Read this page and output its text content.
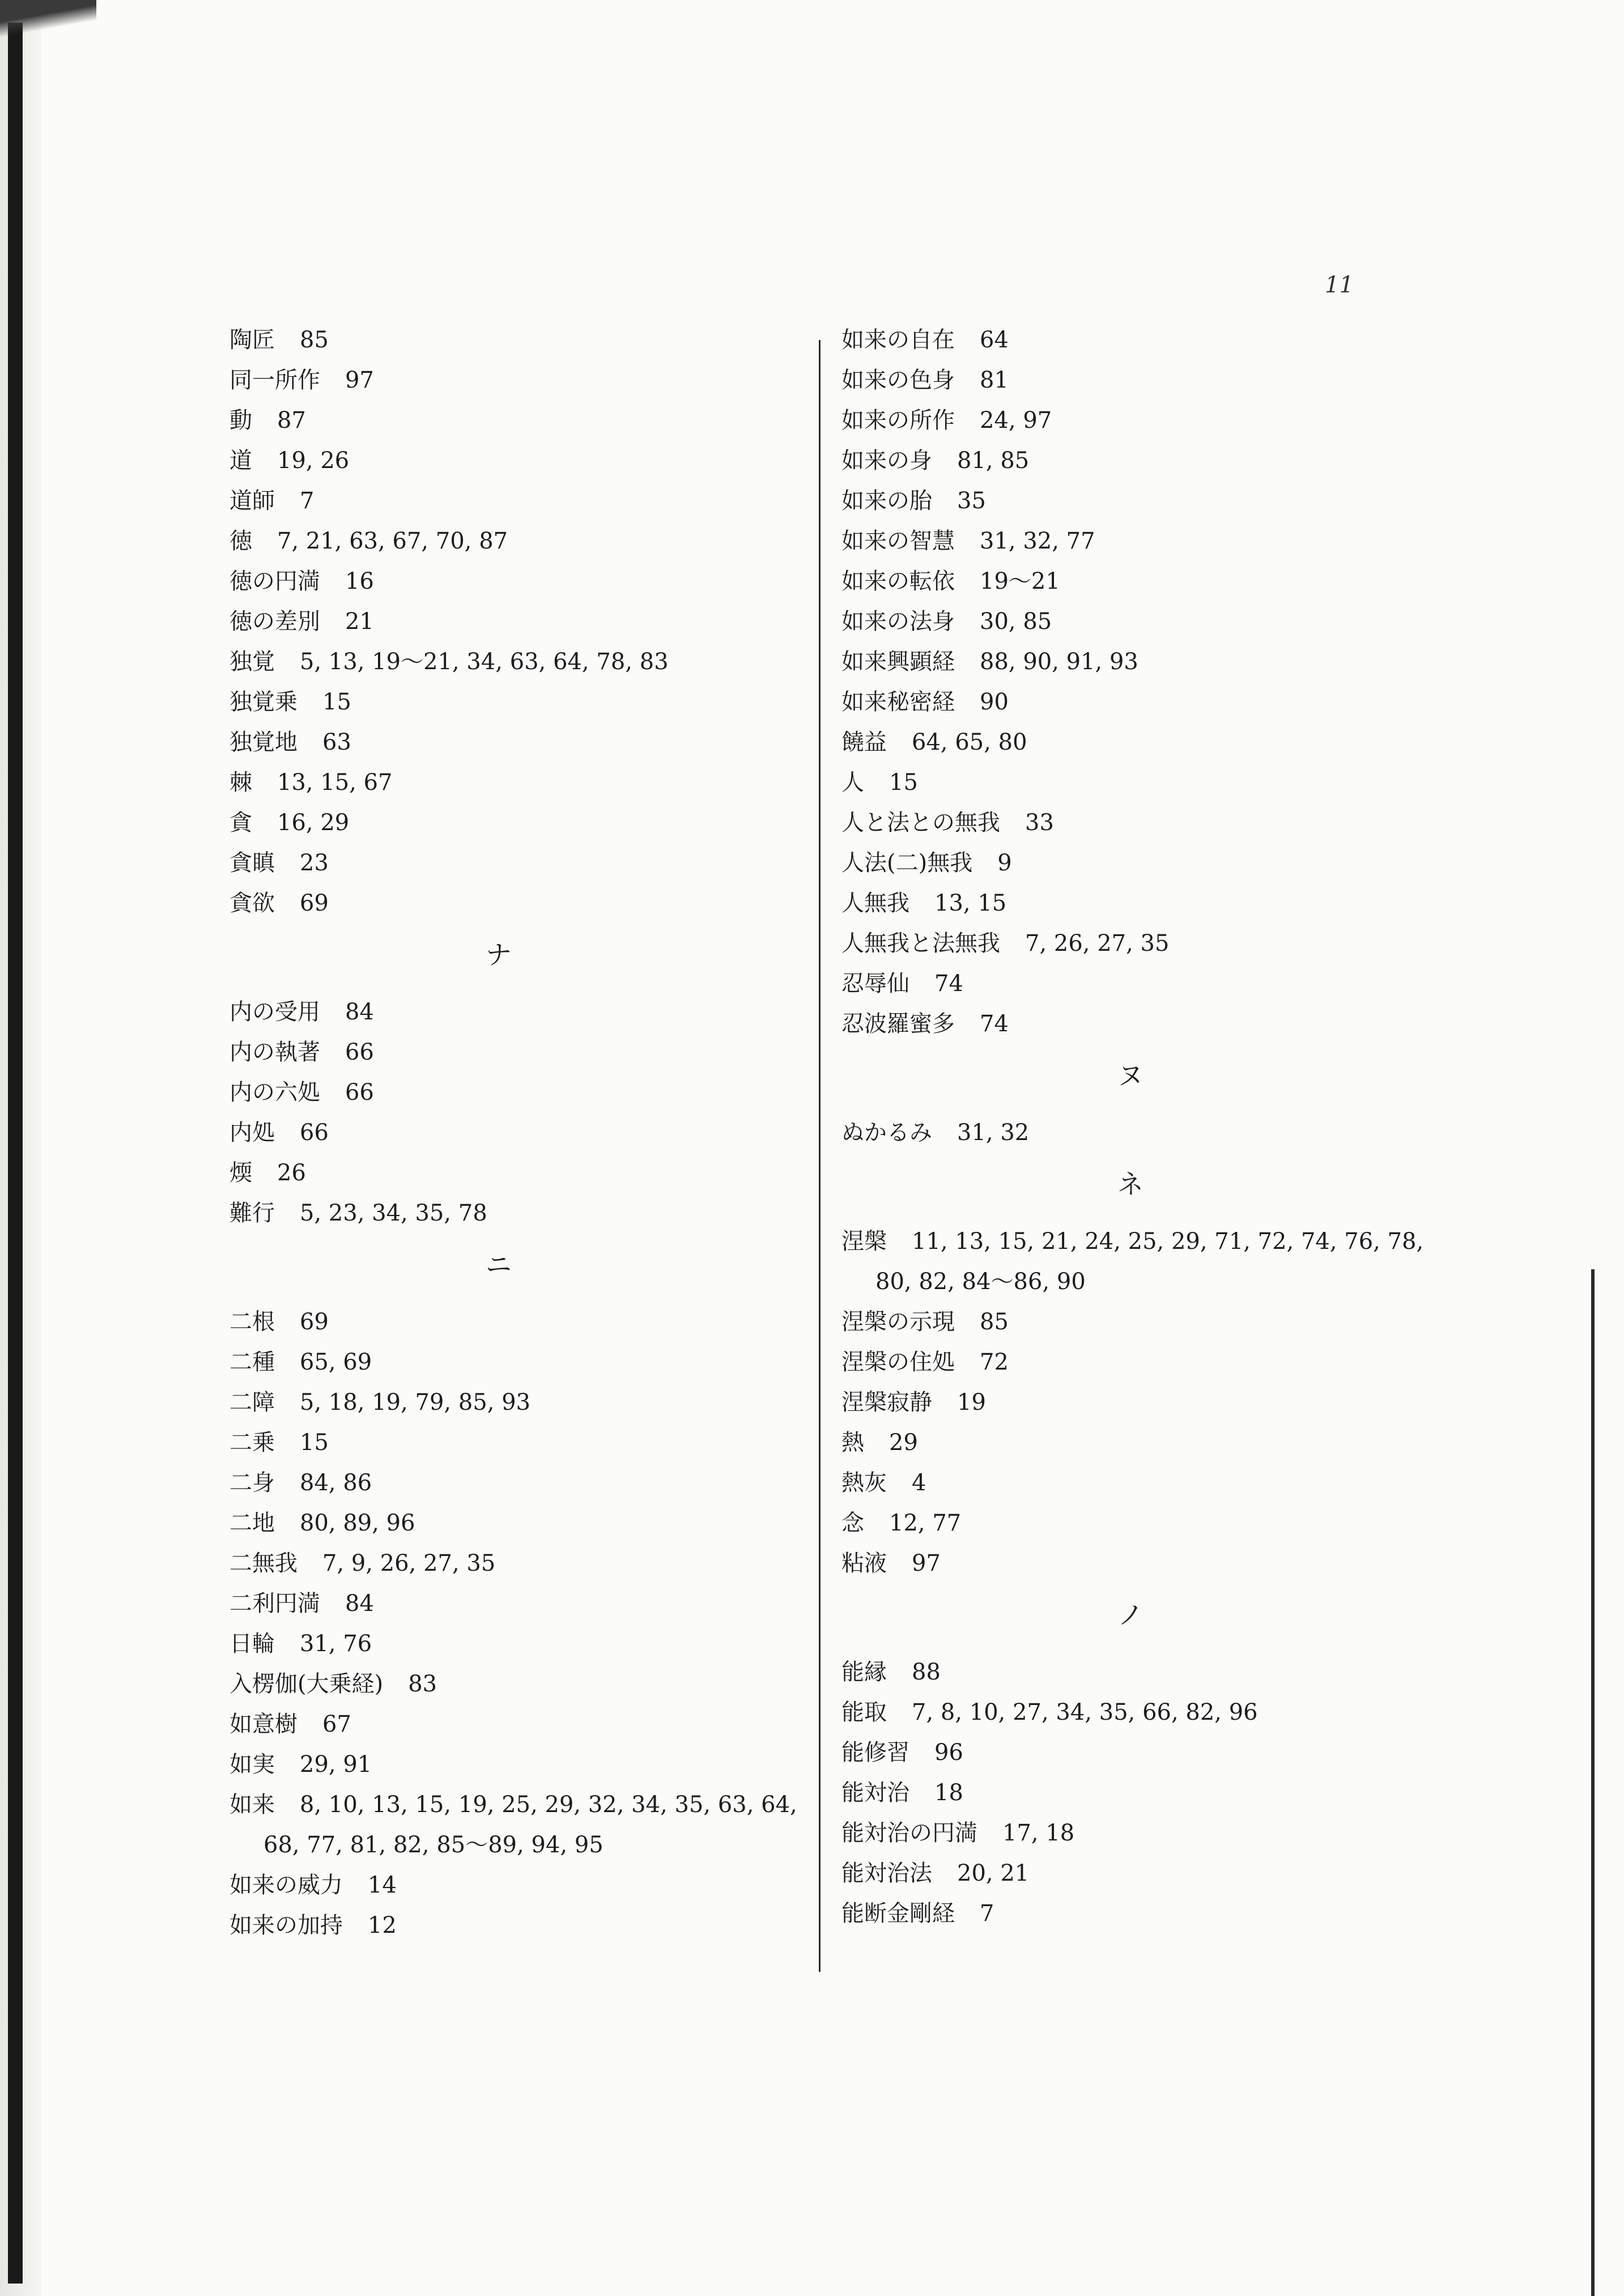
11
陶匠 85
同一所作 97
動 87
道 19, 26
道師 7
徳 7, 21, 63, 67, 70, 87
徳の円満 16
徳の差別 21
独覚 5, 13, 19〜21, 34, 63, 64, 78, 83
独覚乗 15
独覚地 63
棘 13, 15, 67
貪 16, 29
貪瞋 23
貪欲 69
ナ
内の受用 84
内の執著 66
内の六処 66
内処 66
煗 26
難行 5, 23, 34, 35, 78
ニ
二根 69
二種 65, 69
二障 5, 18, 19, 79, 85, 93
二乗 15
二身 84, 86
二地 80, 89, 96
二無我 7, 9, 26, 27, 35
二利円満 84
日輪 31, 76
入楞伽(大乗経) 83
如意樹 67
如実 29, 91
如来 8, 10, 13, 15, 19, 25, 29, 32, 34, 35, 63, 64,
68, 77, 81, 82, 85〜89, 94, 95
如来の威力 14
如来の加持 12
如来の自在 64
如来の色身 81
如来の所作 24, 97
如来の身 81, 85
如来の胎 35
如来の智慧 31, 32, 77
如来の転依 19〜21
如来の法身 30, 85
如来興顕経 88, 90, 91, 93
如来秘密経 90
饒益 64, 65, 80
人 15
人と法との無我 33
人法(二)無我 9
人無我 13, 15
人無我と法無我 7, 26, 27, 35
忍辱仙 74
忍波羅蜜多 74
ヌ
ぬかるみ 31, 32
ネ
涅槃 11, 13, 15, 21, 24, 25, 29, 71, 72, 74, 76, 78,
80, 82, 84〜86, 90
涅槃の示現 85
涅槃の住処 72
涅槃寂静 19
熱 29
熱灰 4
念 12, 77
粘液 97
ノ
能縁 88
能取 7, 8, 10, 27, 34, 35, 66, 82, 96
能修習 96
能対治 18
能対治の円満 17, 18
能対治法 20, 21
能断金剛経 7
